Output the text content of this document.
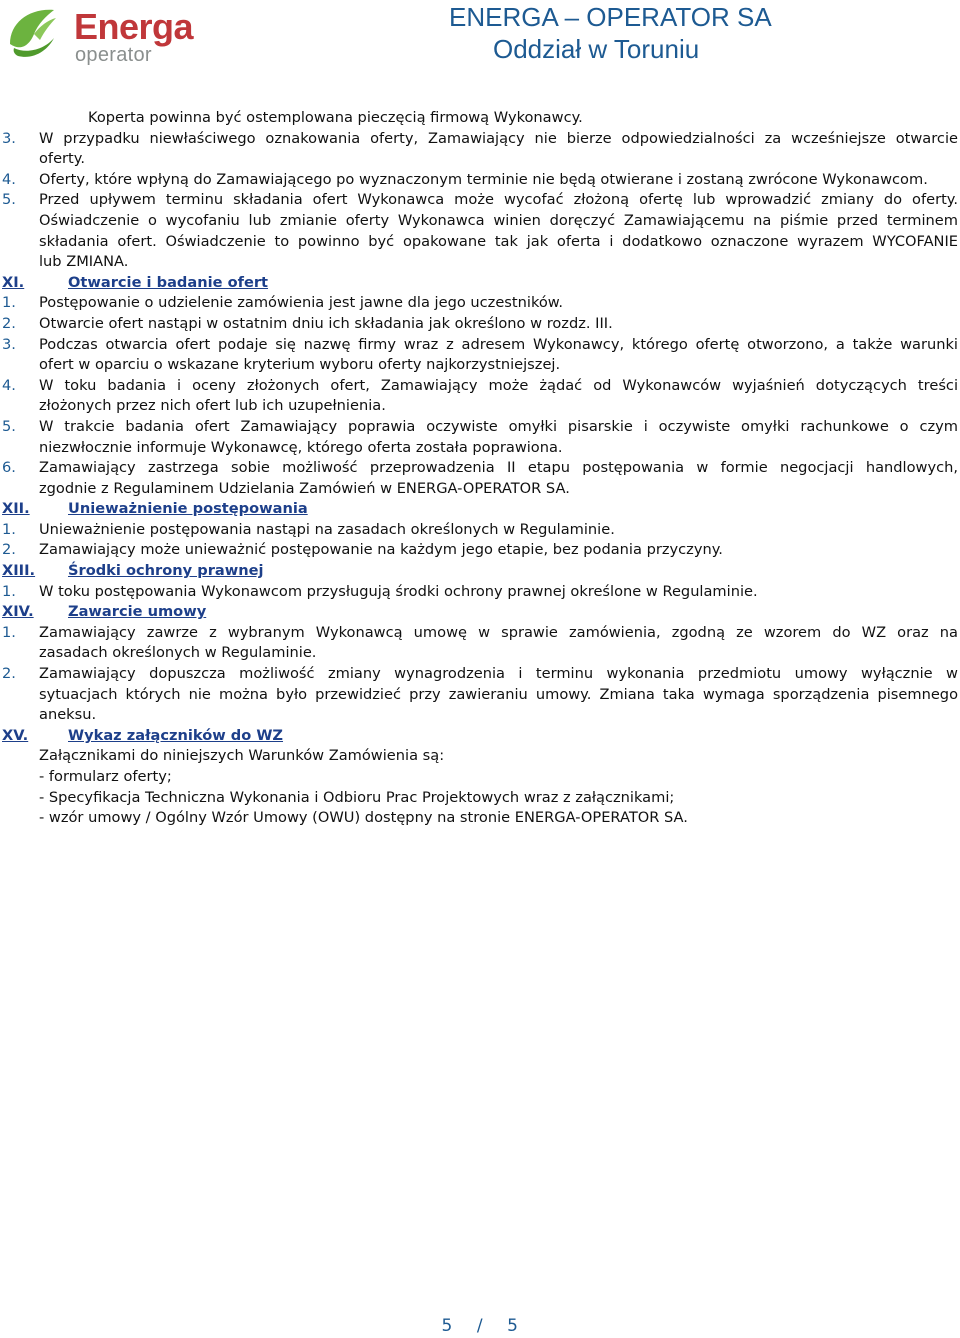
Energa
operator
ENERGA – OPERATOR SA
Oddział w Toruniu
Koperta powinna być ostemplowana pieczęcią firmową Wykonawcy.
3.	W przypadku niewłaściwego oznakowania oferty, Zamawiający nie bierze odpowiedzialności za wcześniejsze otwarcie
oferty.
4.	Oferty, które wpłyną do Zamawiającego po wyznaczonym terminie nie będą otwierane i zostaną zwrócone Wykonawcom.
5.	Przed upływem terminu składania ofert Wykonawca może wycofać złożoną ofertę lub wprowadzić zmiany do oferty.
Oświadczenie o wycofaniu lub zmianie oferty Wykonawca winien doręczyć Zamawiającemu na piśmie przed terminem
składania ofert. Oświadczenie to powinno być opakowane tak jak oferta i dodatkowo oznaczone wyrazem WYCOFANIE
lub ZMIANA.
XI.	Otwarcie i badanie ofert
1.	Postępowanie o udzielenie zamówienia jest jawne dla jego uczestników.
2.	Otwarcie ofert nastąpi w ostatnim dniu ich składania jak określono w rozdz. III.
3.	Podczas otwarcia ofert podaje się nazwę firmy wraz z adresem Wykonawcy, którego ofertę otworzono, a także warunki
ofert w oparciu o wskazane kryterium wyboru oferty najkorzystniejszej.
4.	W toku badania i oceny złożonych ofert, Zamawiający może żądać od Wykonawców wyjaśnień dotyczących treści
złożonych przez nich ofert lub ich uzupełnienia.
5.	W trakcie badania ofert Zamawiający poprawia oczywiste omyłki pisarskie i oczywiste omyłki rachunkowe o czym
niezwłocznie informuje Wykonawcę, którego oferta została poprawiona.
6.	Zamawiający zastrzega sobie możliwość przeprowadzenia II etapu postępowania w formie negocjacji handlowych,
zgodnie z Regulaminem Udzielania Zamówień w ENERGA-OPERATOR SA.
XII.	Unieważnienie postępowania
1.	Unieważnienie postępowania nastąpi na zasadach określonych w Regulaminie.
2.	Zamawiający może unieważnić postępowanie na każdym jego etapie, bez podania przyczyny.
XIII.	Środki ochrony prawnej
1.	W toku postępowania Wykonawcom przysługują środki ochrony prawnej określone w Regulaminie.
XIV.	Zawarcie umowy
1.	Zamawiający zawrze z wybranym Wykonawcą umowę w sprawie zamówienia, zgodną ze wzorem do WZ oraz na
zasadach określonych w Regulaminie.
2.	Zamawiający dopuszcza możliwość zmiany wynagrodzenia i terminu wykonania przedmiotu umowy wyłącznie w
sytuacjach których nie można było przewidzieć przy zawieraniu umowy. Zmiana taka wymaga sporządzenia pisemnego
aneksu.
XV.	Wykaz załączników do WZ
Załącznikami do niniejszych Warunków Zamówienia są:
- formularz oferty;
- Specyfikacja Techniczna Wykonania i Odbioru Prac Projektowych wraz z załącznikami;
- wzór umowy / Ogólny Wzór Umowy (OWU) dostępny na stronie ENERGA-OPERATOR SA.
5 / 5
